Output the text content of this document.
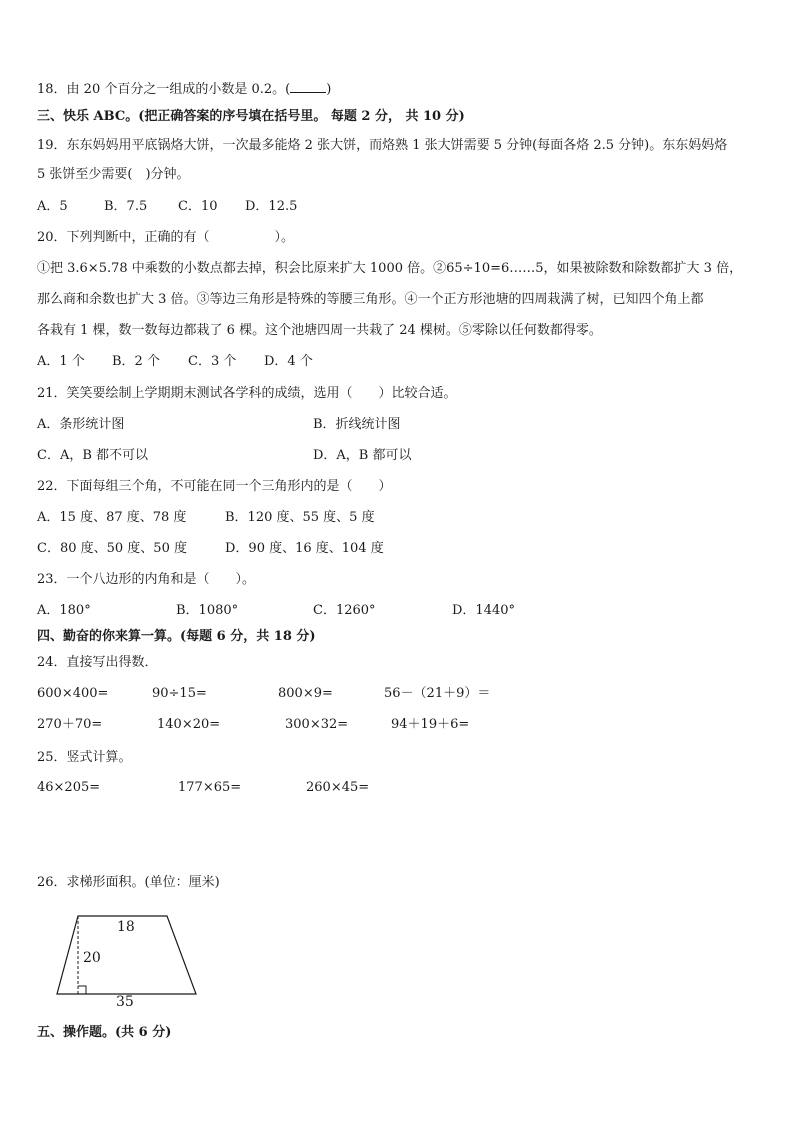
18．由 20 个百分之一组成的小数是 0.2。(	)
三、快乐 ABC。(把正确答案的序号填在括号里。 每题 2 分， 共 10 分)
19．东东妈妈用平底锅烙大饼，一次最多能烙 2 张大饼，而烙熟 1 张大饼需要 5 分钟(每面各烙 2.5 分钟)。东东妈妈烙
5 张饼至少需要(　)分钟。
A．5	B．7.5 C．10 D．12.5
20．下列判断中，正确的有（　　　　　）。
①把 3.6×5.78 中乘数的小数点都去掉，积会比原来扩大 1000 倍。②65÷10=6……5，如果被除数和除数都扩大 3 倍，
那么商和余数也扩大 3 倍。③等边三角形是特殊的等腰三角形。④一个正方形池塘的四周栽满了树，已知四个角上都
各栽有 1 棵，数一数每边都栽了 6 棵。这个池塘四周一共栽了 24 棵树。⑤零除以任何数都得零。
A．1 个 B．2 个 C．3 个 D．4 个
21．笑笑要绘制上学期期末测试各学科的成绩，选用（　　）比较合适。
A．条形统计图	B．折线统计图
C．A，B 都不可以	D．A，B 都可以
22．下面每组三个角，不可能在同一个三角形内的是（　　）
A．15 度、87 度、78 度	B．120 度、55 度、5 度
C．80 度、50 度、50 度	D．90 度、16 度、104 度
23．一个八边形的内角和是（　　）。
A．180°	B．1080°	C．1260°	D．1440°
四、勤奋的你来算一算。(每题 6 分，共 18 分)
24．直接写出得数．
600×400=	90÷15=	800×9=	56－（21＋9）＝
270＋70=	140×20=	300×32=	94＋19＋6=
25．竖式计算。
46×205=	177×65=	260×45=
26．求梯形面积。(单位：厘米)
18
20
35
五、操作题。(共 6 分)
